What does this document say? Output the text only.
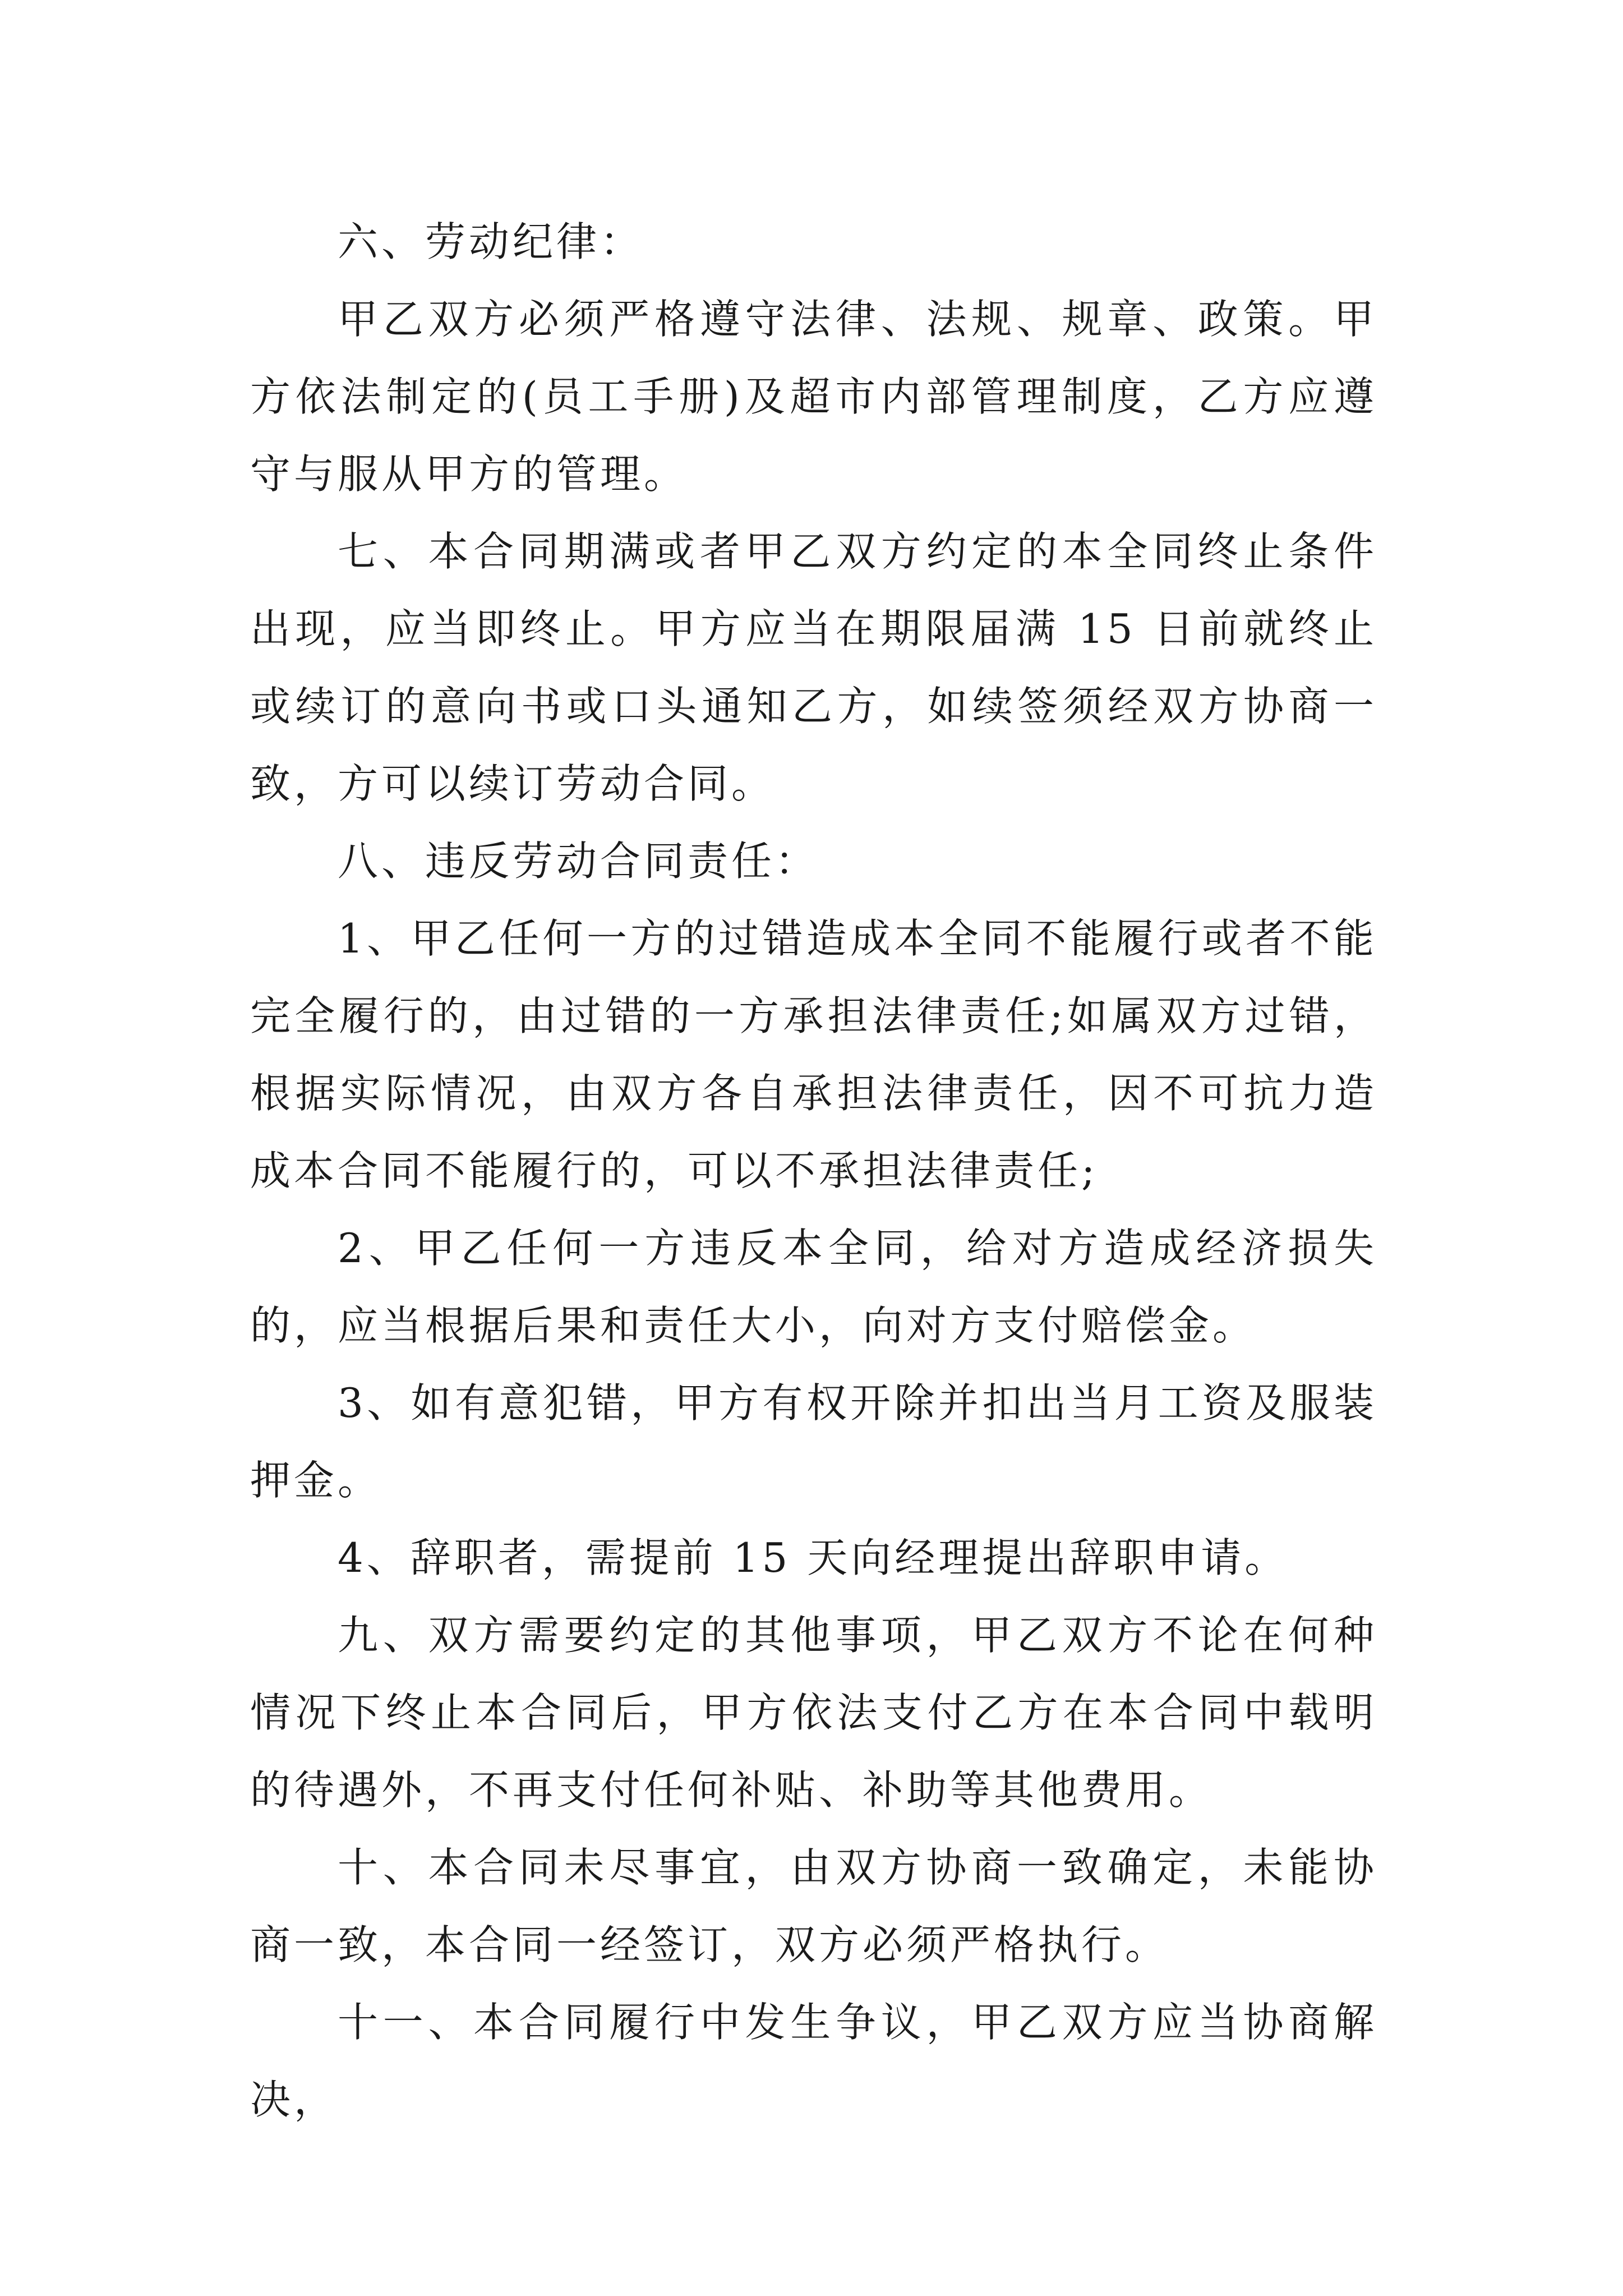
六、劳动纪律：

甲乙双方必须严格遵守法律、法规、规章、政策。甲方依法制定的(员工手册)及超市内部管理制度，乙方应遵守与服从甲方的管理。

七、本合同期满或者甲乙双方约定的本全同终止条件出现，应当即终止。甲方应当在期限届满 15 日前就终止或续订的意向书或口头通知乙方，如续签须经双方协商一致，方可以续订劳动合同。

八、违反劳动合同责任：

1、甲乙任何一方的过错造成本全同不能履行或者不能完全履行的，由过错的一方承担法律责任;如属双方过错，根据实际情况，由双方各自承担法律责任，因不可抗力造成本合同不能履行的，可以不承担法律责任;

2、甲乙任何一方违反本全同，给对方造成经济损失的，应当根据后果和责任大小，向对方支付赔偿金。

3、如有意犯错，甲方有权开除并扣出当月工资及服装押金。

4、辞职者，需提前 15 天向经理提出辞职申请。

九、双方需要约定的其他事项，甲乙双方不论在何种情况下终止本合同后，甲方依法支付乙方在本合同中载明的待遇外，不再支付任何补贴、补助等其他费用。

十、本合同未尽事宜，由双方协商一致确定，未能协商一致，本合同一经签订，双方必须严格执行。

十一、本合同履行中发生争议，甲乙双方应当协商解决，
